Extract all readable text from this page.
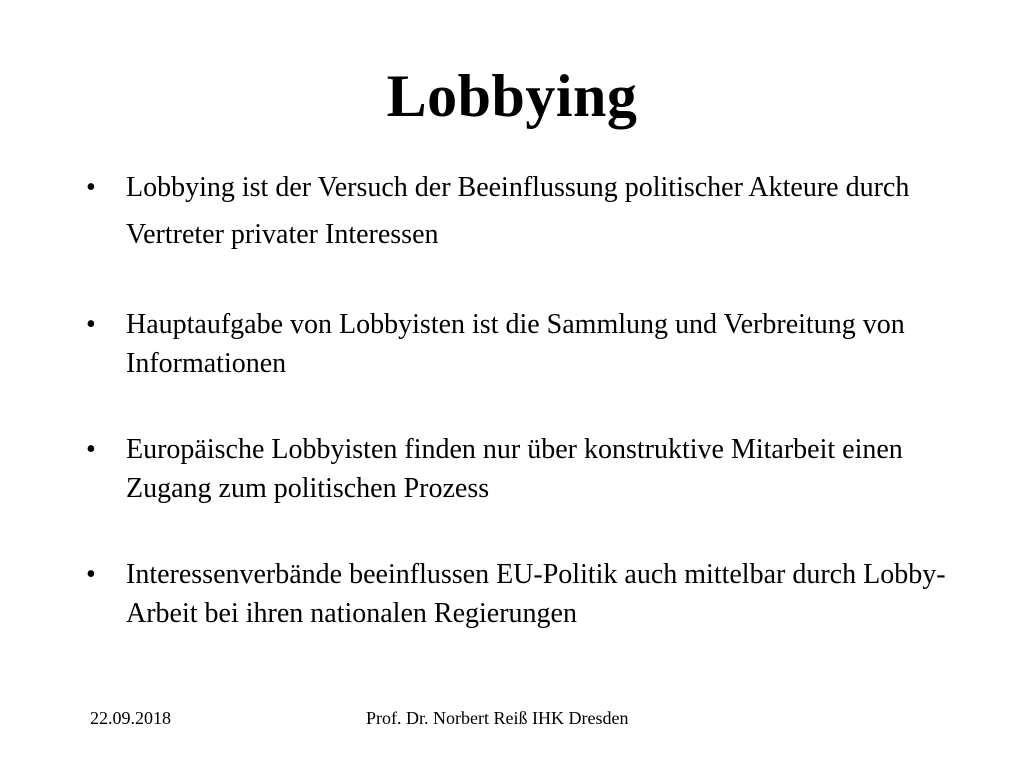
Lobbying
•	Lobbying ist der Versuch der Beeinflussung politischer Akteure durch Vertreter privater Interessen
•	Hauptaufgabe von Lobbyisten ist die Sammlung und Verbreitung von Informationen
•	Europäische Lobbyisten finden nur über konstruktive Mitarbeit einen Zugang zum politischen Prozess
•	Interessenverbände beeinflussen EU-Politik auch mittelbar durch Lobby-Arbeit bei ihren nationalen Regierungen
22.09.2018	Prof. Dr. Norbert Reiß IHK Dresden
